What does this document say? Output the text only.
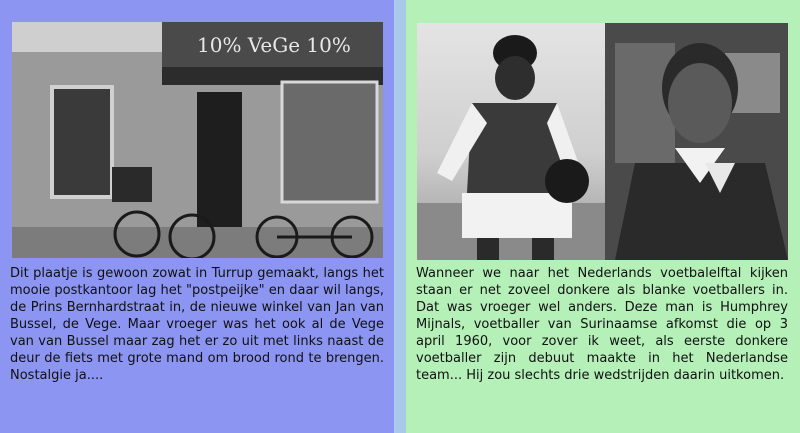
10% VeGe 10%

Dit plaatje is gewoon zowat in Turrup gemaakt, langs het mooie postkantoor lag het "postpeijke" en daar wil langs, de Prins Bernhardstraat in, de nieuwe winkel van Jan van Bussel, de Vege. Maar vroeger was het ook al de Vege van van Bussel maar zag het er zo uit met links naast de deur de fiets met grote mand om brood rond te brengen. Nostalgie ja....

Wanneer we naar het Nederlands voetbalelftal kijken staan er net zoveel donkere als blanke voetballers in. Dat was vroeger wel anders. Deze man is Humphrey Mijnals, voetballer van Surinaamse afkomst die op 3 april 1960, voor zover ik weet, als eerste donkere voetballer zijn debuut maakte in het Nederlandse team... Hij zou slechts drie wedstrijden daarin uitkomen.
